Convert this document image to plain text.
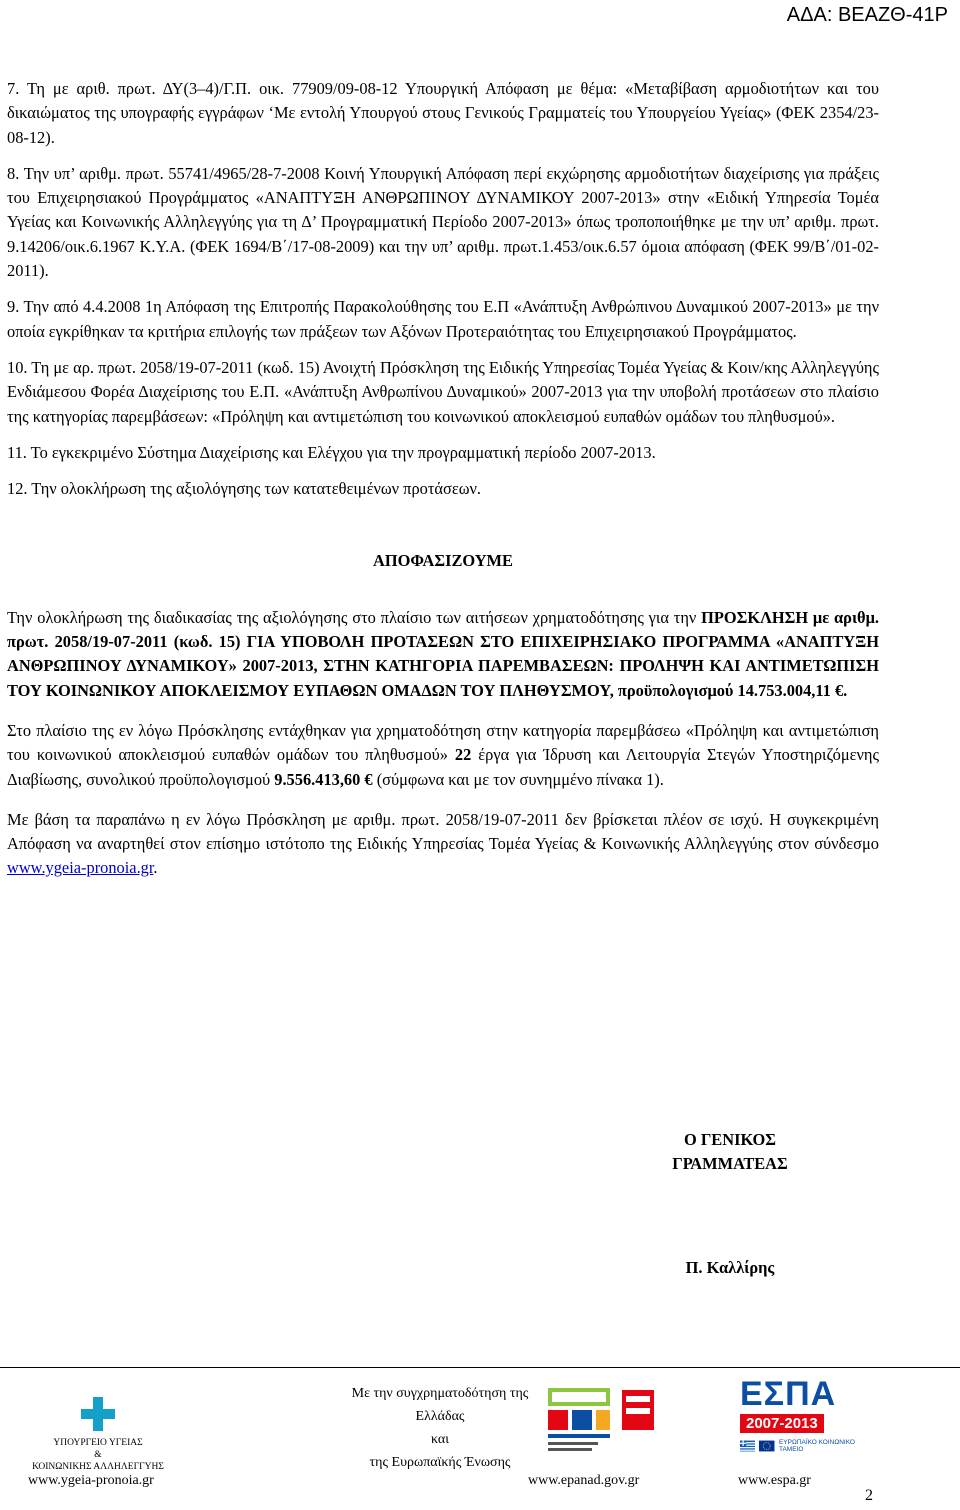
ΑΔΑ: ΒΕΑΖΘ-41Ρ

7. Τη με αριθ. πρωτ. ΔΥ(3–4)/Γ.Π. οικ. 77909/09-08-12 Υπουργική Απόφαση με θέμα: «Μεταβίβαση αρμοδιοτήτων και του δικαιώματος της υπογραφής εγγράφων ‘Με εντολή Υπουργού στους Γενικούς Γραμματείς του Υπουργείου Υγείας» (ΦΕΚ 2354/23-08-12).

8. Την υπ’ αριθμ. πρωτ. 55741/4965/28-7-2008 Κοινή Υπουργική Απόφαση περί εκχώρησης αρμοδιοτήτων διαχείρισης για πράξεις του Επιχειρησιακού Προγράμματος «ΑΝΑΠΤΥΞΗ ΑΝΘΡΩΠΙΝΟΥ ΔΥΝΑΜΙΚΟΥ 2007-2013» στην «Ειδική Υπηρεσία Τομέα Υγείας και Κοινωνικής Αλληλεγγύης για τη Δ’ Προγραμματική Περίοδο 2007-2013» όπως τροποποιήθηκε με την υπ’ αριθμ. πρωτ. 9.14206/οικ.6.1967 Κ.Υ.Α. (ΦΕΚ 1694/Β΄/17-08-2009) και την υπ’ αριθμ. πρωτ.1.453/οικ.6.57 όμοια απόφαση (ΦΕΚ 99/Β΄/01-02-2011).

9. Την από 4.4.2008 1η Απόφαση της Επιτροπής Παρακολούθησης του Ε.Π «Ανάπτυξη Ανθρώπινου Δυναμικού 2007-2013» με την οποία εγκρίθηκαν τα κριτήρια επιλογής των πράξεων των Αξόνων Προτεραιότητας του Επιχειρησιακού Προγράμματος.

10. Τη με αρ. πρωτ. 2058/19-07-2011 (κωδ. 15) Ανοιχτή Πρόσκληση της Ειδικής Υπηρεσίας Τομέα Υγείας & Κοιν/κης Αλληλεγγύης Ενδιάμεσου Φορέα Διαχείρισης του Ε.Π. «Ανάπτυξη Ανθρωπίνου Δυναμικού» 2007-2013 για την υποβολή προτάσεων στο πλαίσιο της κατηγορίας παρεμβάσεων: «Πρόληψη και αντιμετώπιση του κοινωνικού αποκλεισμού ευπαθών ομάδων του πληθυσμού».

11. Το εγκεκριμένο Σύστημα Διαχείρισης και Ελέγχου για την προγραμματική περίοδο 2007-2013.

12. Την ολοκλήρωση της αξιολόγησης των κατατεθειμένων προτάσεων.

ΑΠΟΦΑΣΙΖΟΥΜΕ

Την ολοκλήρωση της διαδικασίας της αξιολόγησης στο πλαίσιο των αιτήσεων χρηματοδότησης για την ΠΡΟΣΚΛΗΣΗ με αριθμ. πρωτ. 2058/19-07-2011 (κωδ. 15) ΓΙΑ ΥΠΟΒΟΛΗ ΠΡΟΤΑΣΕΩΝ ΣΤΟ ΕΠΙΧΕΙΡΗΣΙΑΚΟ ΠΡΟΓΡΑΜΜΑ «ΑΝΑΠΤΥΞΗ ΑΝΘΡΩΠΙΝΟΥ ΔΥΝΑΜΙΚΟΥ» 2007-2013, ΣΤΗΝ ΚΑΤΗΓΟΡΙΑ ΠΑΡΕΜΒΑΣΕΩΝ: ΠΡΟΛΗΨΗ ΚΑΙ ΑΝΤΙΜΕΤΩΠΙΣΗ ΤΟΥ ΚΟΙΝΩΝΙΚΟΥ ΑΠΟΚΛΕΙΣΜΟΥ ΕΥΠΑΘΩΝ ΟΜΑΔΩΝ ΤΟΥ ΠΛΗΘΥΣΜΟΥ, προϋπολογισμού 14.753.004,11 €.

Στο πλαίσιο της εν λόγω Πρόσκλησης εντάχθηκαν για χρηματοδότηση στην κατηγορία παρεμβάσεω «Πρόληψη και αντιμετώπιση του κοινωνικού αποκλεισμού ευπαθών ομάδων του πληθυσμού» 22 έργα για Ίδρυση και Λειτουργία Στεγών Υποστηριζόμενης Διαβίωσης, συνολικού προϋπολογισμού 9.556.413,60 € (σύμφωνα και με τον συνημμένο πίνακα 1).

Με βάση τα παραπάνω η εν λόγω Πρόσκληση με αριθμ. πρωτ. 2058/19-07-2011 δεν βρίσκεται πλέον σε ισχύ. Η συγκεκριμένη Απόφαση να αναρτηθεί στον επίσημο ιστότοπο της Ειδικής Υπηρεσίας Τομέα Υγείας & Κοινωνικής Αλληλεγγύης στον σύνδεσμο www.ygeia-pronoia.gr.

Ο ΓΕΝΙΚΟΣ
ΓΡΑΜΜΑΤΕΑΣ
Π. Καλλίρης
ΥΠΟΥΡΓΕΙΟ ΥΓΕΙΑΣ
&
ΚΟΙΝΩΝΙΚΗΣ ΑΛΛΗΛΕΓΓΥΗΣ
Με την συγχρηματοδότηση της Ελλάδας
και
της Ευρωπαϊκής Ένωσης
ΕΣΠΑ
2007-2013
ΕΥΡΩΠΑΪΚΟ ΚΟΙΝΩΝΙΚΟ ΤΑΜΕΙΟ
www.ygeia-pronoia.gr	www.epanad.gov.gr	www.espa.gr
2
